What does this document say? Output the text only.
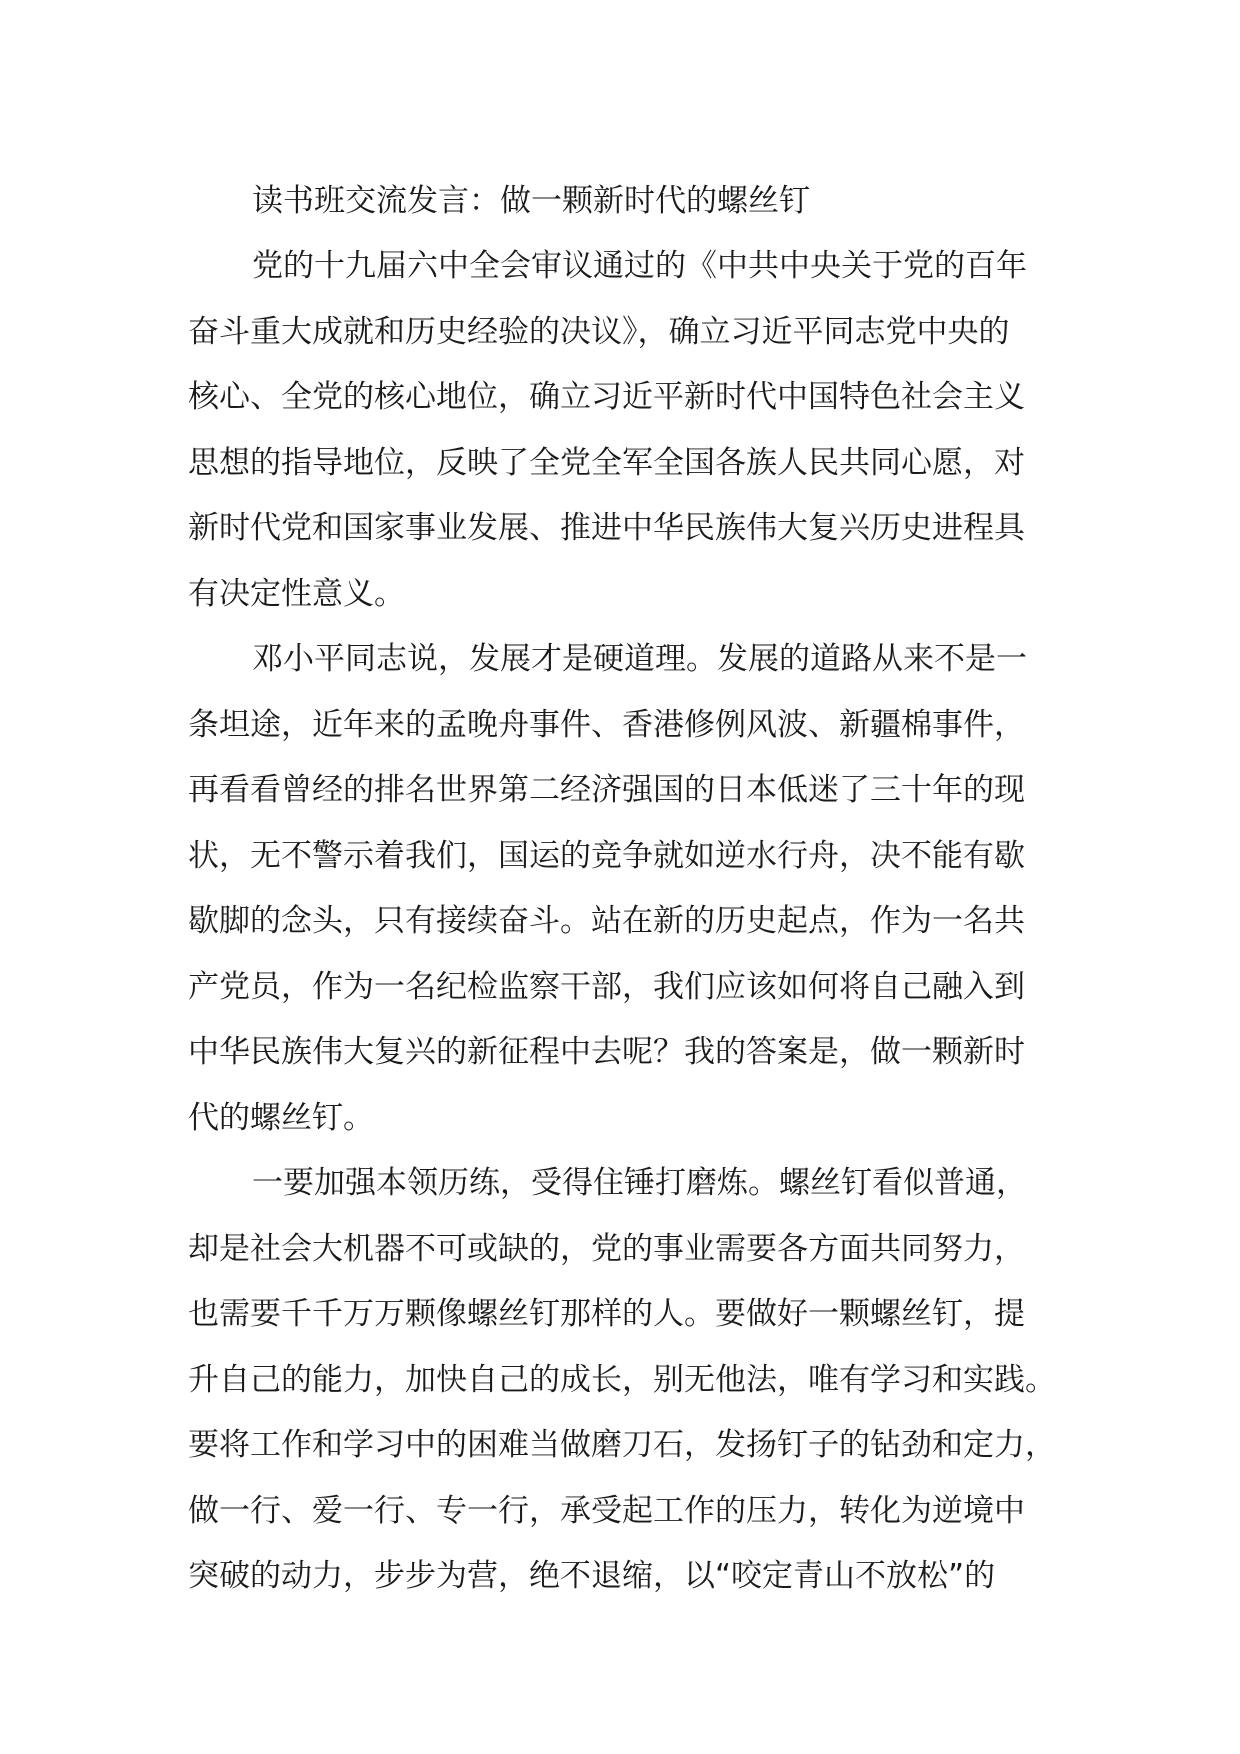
读书班交流发言：做一颗新时代的螺丝钉

党的十九届六中全会审议通过的《中共中央关于党的百年
奋斗重大成就和历史经验的决议》，确立习近平同志党中央的
核心、全党的核心地位，确立习近平新时代中国特色社会主义
思想的指导地位，反映了全党全军全国各族人民共同心愿，对
新时代党和国家事业发展、推进中华民族伟大复兴历史进程具
有决定性意义。

邓小平同志说，发展才是硬道理。发展的道路从来不是一
条坦途，近年来的孟晚舟事件、香港修例风波、新疆棉事件，
再看看曾经的排名世界第二经济强国的日本低迷了三十年的现
状，无不警示着我们，国运的竞争就如逆水行舟，决不能有歇
歇脚的念头，只有接续奋斗。站在新的历史起点，作为一名共
产党员，作为一名纪检监察干部，我们应该如何将自己融入到
中华民族伟大复兴的新征程中去呢？我的答案是，做一颗新时
代的螺丝钉。

一要加强本领历练，受得住锤打磨炼。螺丝钉看似普通，
却是社会大机器不可或缺的，党的事业需要各方面共同努力，
也需要千千万万颗像螺丝钉那样的人。要做好一颗螺丝钉，提
升自己的能力，加快自己的成长，别无他法，唯有学习和实践。
要将工作和学习中的困难当做磨刀石，发扬钉子的钻劲和定力，
做一行、爱一行、专一行，承受起工作的压力，转化为逆境中
突破的动力，步步为营，绝不退缩，以“咬定青山不放松”的
